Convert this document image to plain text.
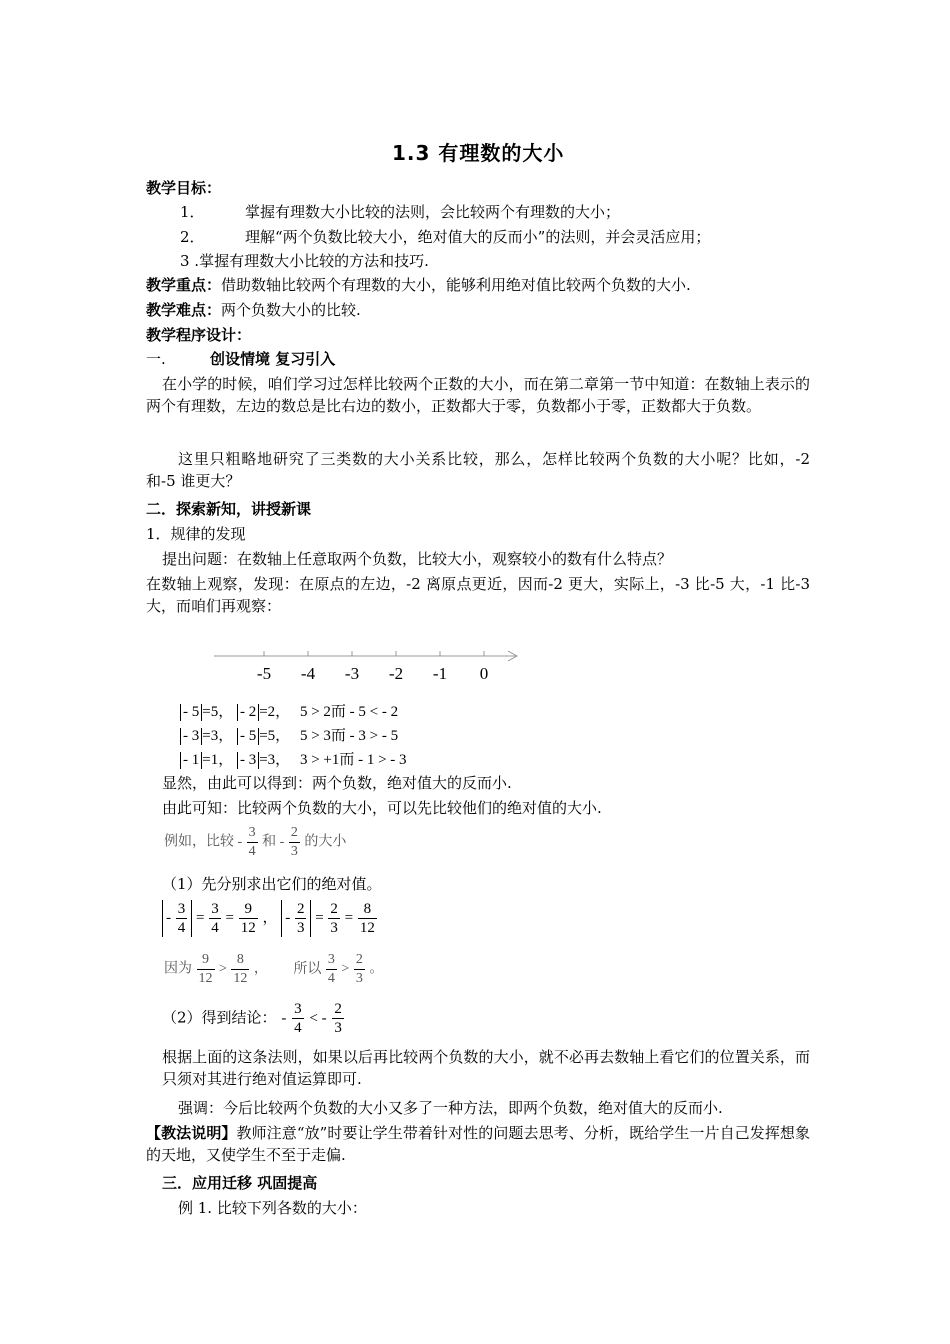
1.3 有理数的大小
教学目标：
1．	掌握有理数大小比较的法则，会比较两个有理数的大小；
2．	理解“两个负数比较大小，绝对值大的反而小”的法则，并会灵活应用；
3 .掌握有理数大小比较的方法和技巧.
教学重点：借助数轴比较两个有理数的大小，能够利用绝对值比较两个负数的大小.
教学难点：两个负数大小的比较.
教学程序设计：
一.	创设情境 复习引入
在小学的时候，咱们学习过怎样比较两个正数的大小，而在第二章第一节中知道：在数轴上表示的两个有理数，左边的数总是比右边的数小，正数都大于零，负数都小于零，正数都大于负数。
这里只粗略地研究了三类数的大小关系比较，那么，怎样比较两个负数的大小呢？比如，-2 和-5 谁更大？
二．探索新知，讲授新课
1．规律的发现
提出问题：在数轴上任意取两个负数，比较大小，观察较小的数有什么特点？
在数轴上观察，发现：在原点的左边，-2 离原点更近，因而-2 更大，实际上，-3 比-5 大，-1 比-3 大，而咱们再观察：
-5 -4 -3 -2 -1 0
- 5 =5， - 2 =2， 5 > 2而 - 5 < - 2
- 3 =3， - 5 =5， 5 > 3而 - 3 > - 5
- 1 =1， - 3 =3， 3 > +1而 - 1 > - 3
显然，由此可以得到：两个负数，绝对值大的反而小.
由此可知：比较两个负数的大小，可以先比较他们的绝对值的大小.
例如，比较 - $\frac{3}{4}$ 和 - $\frac{2}{3}$ 的大小
（1）先分别求出它们的绝对值。
- $\frac{3}{4} = \frac{3}{4} = \frac{9}{12}$ ， - $\frac{2}{3} = \frac{2}{3} = \frac{8}{12}$
因为 $\frac{9}{12} > \frac{8}{12}$ ， 所以 $\frac{3}{4} > \frac{2}{3}$ 。
（2）得到结论： - $\frac{3}{4}$ < - $\frac{2}{3}$
根据上面的这条法则，如果以后再比较两个负数的大小，就不必再去数轴上看它们的位置关系，而只须对其进行绝对值运算即可.
强调：今后比较两个负数的大小又多了一种方法，即两个负数，绝对值大的反而小.
【教法说明】教师注意“放”时要让学生带着针对性的问题去思考、分析，既给学生一片自己发挥想象的天地，又使学生不至于走偏.
三．应用迁移 巩固提高
例 1. 比较下列各数的大小：
